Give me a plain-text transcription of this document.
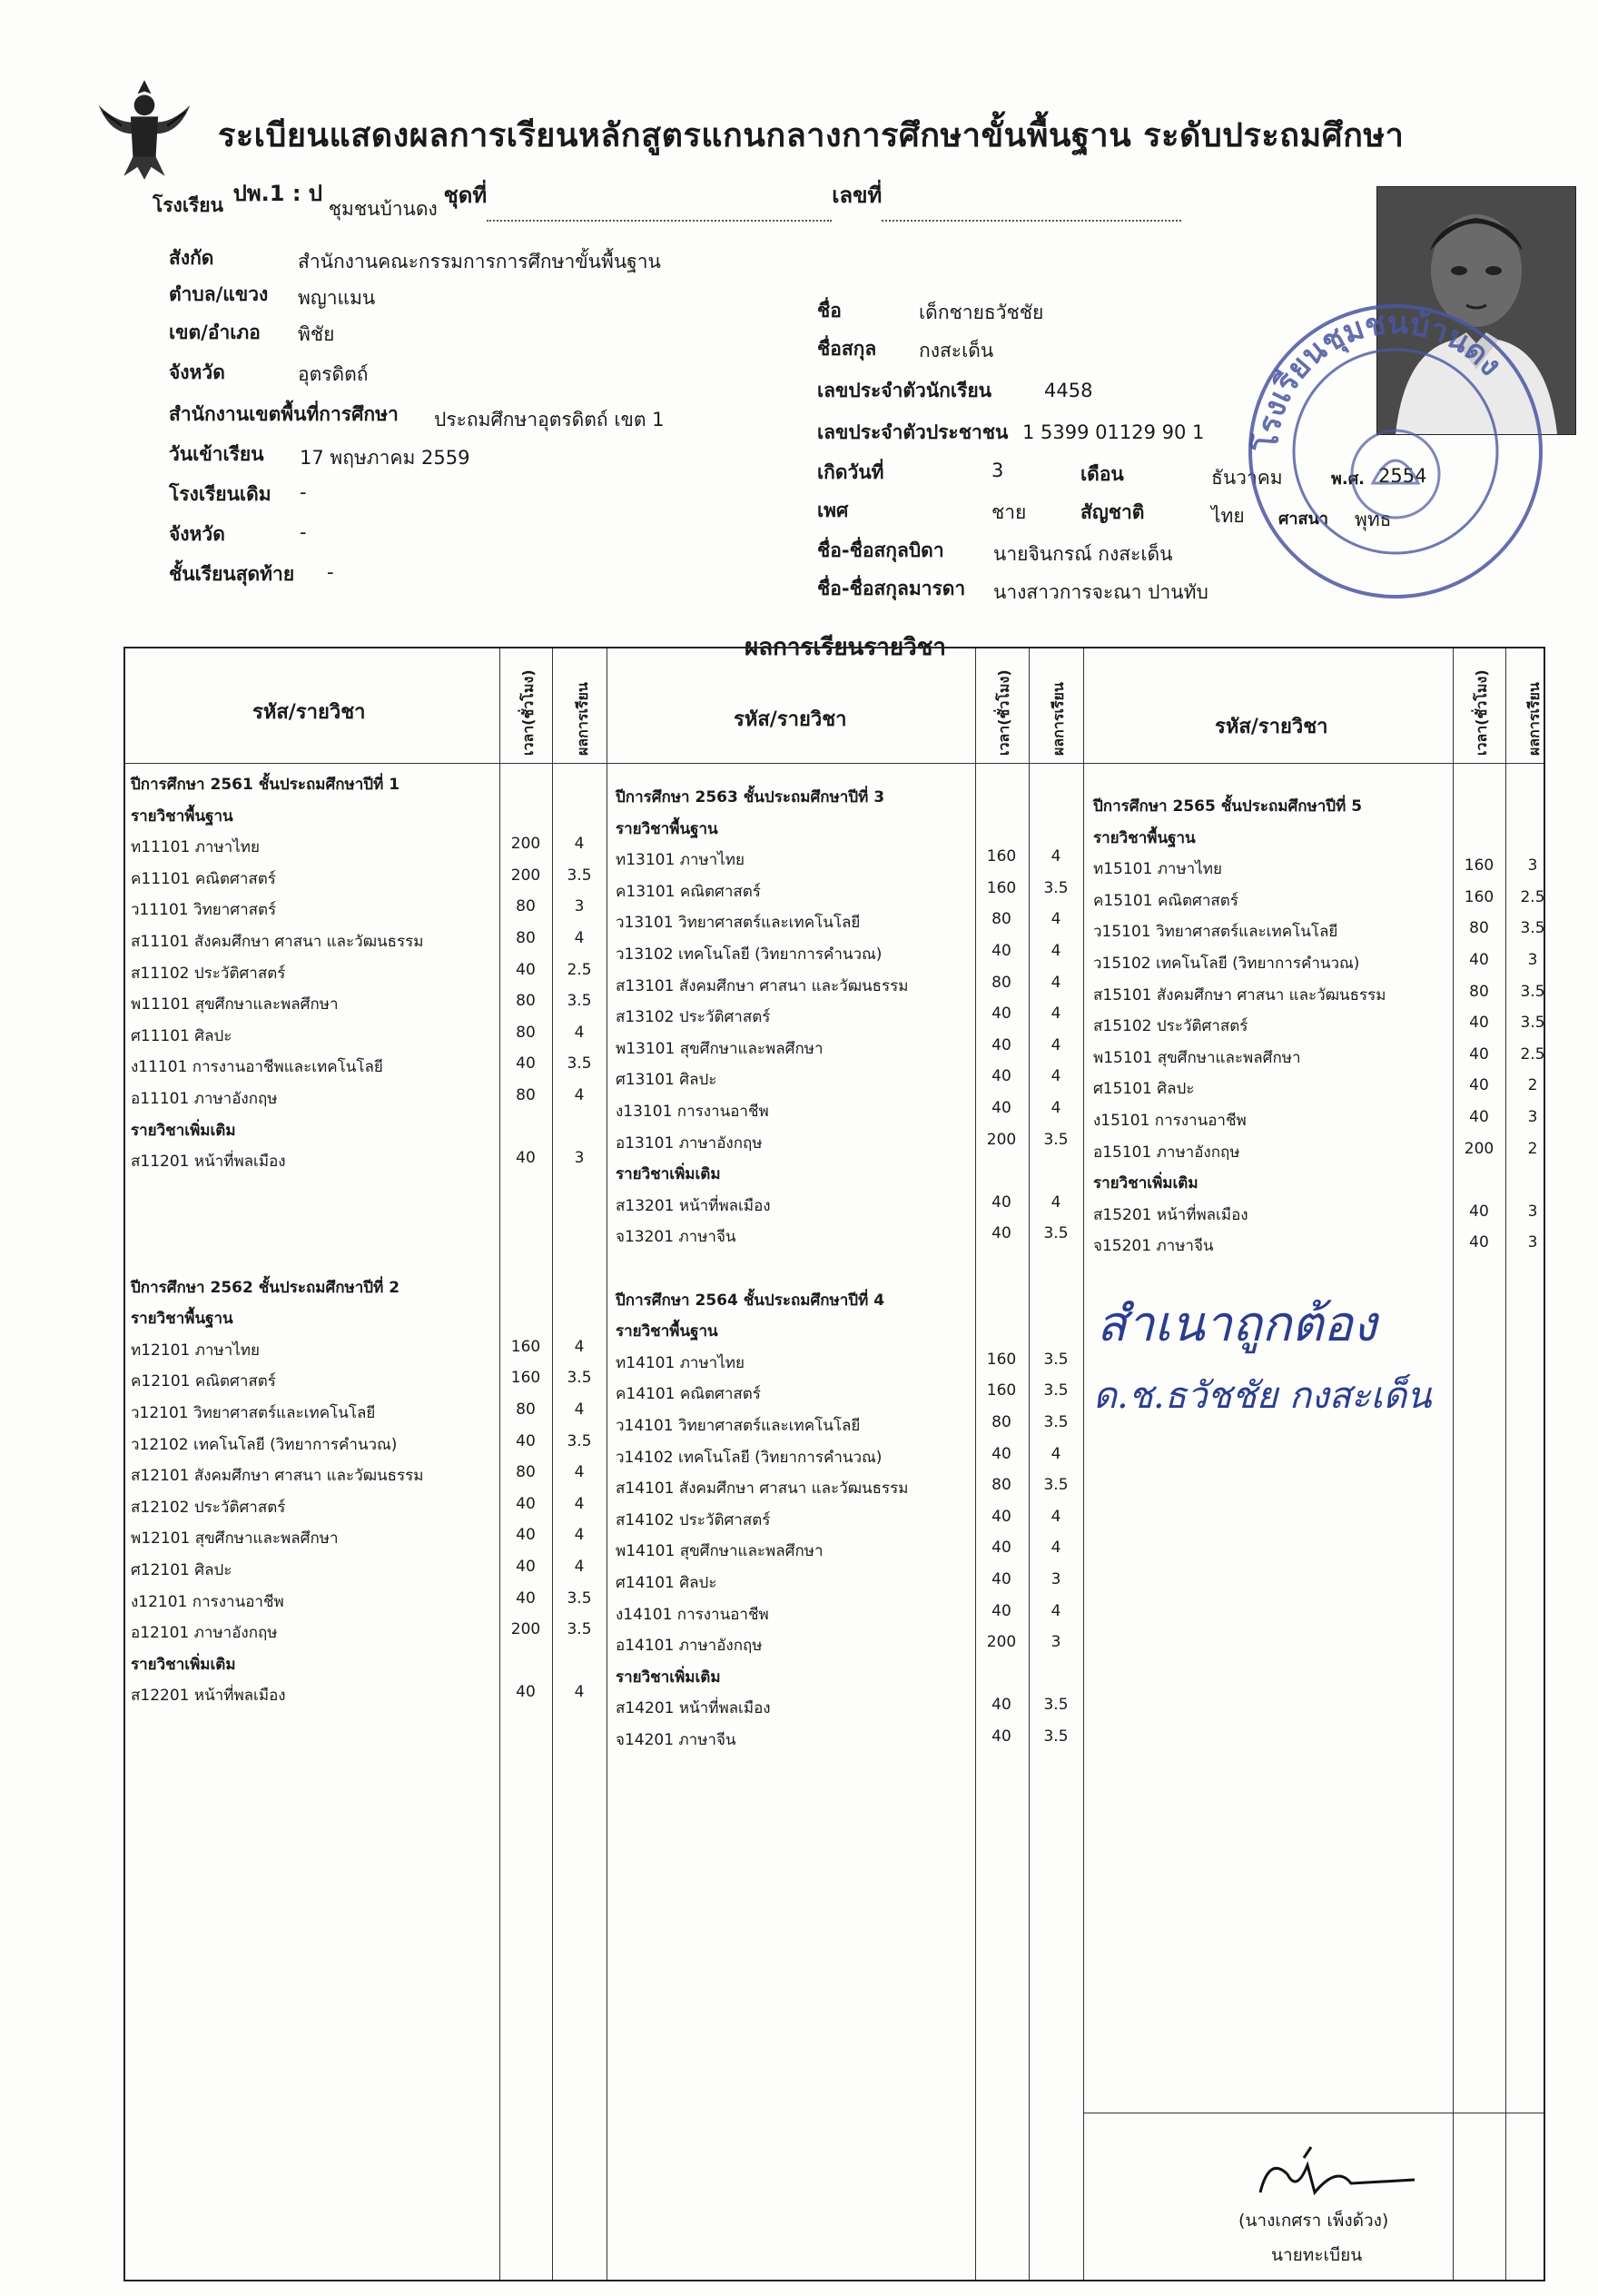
ระเบียนแสดงผลการเรียนหลักสูตรแกนกลางการศึกษาขั้นพื้นฐาน ระดับประถมศึกษา
โรงเรียน ปพ.1 : ป ชุมชนบ้านดง ชุดที่	เลขที่
สังกัด	สำนักงานคณะกรรมการการศึกษาขั้นพื้นฐาน
ตำบล/แขวง พญาแมน
เขต/อำเภอ พิชัย
จังหวัด	อุตรดิตถ์
สำนักงานเขตพื้นที่การศึกษา ประถมศึกษาอุตรดิตถ์ เขต 1
วันเข้าเรียน 17 พฤษภาคม 2559
โรงเรียนเดิม -
จังหวัด	-
ชั้นเรียนสุดท้าย -
ชื่อ	เด็กชายธวัชชัย
ชื่อสกุล กงสะเด็น
เลขประจำตัวนักเรียน	4458
เลขประจำตัวประชาชน 1 5399 01129 90 1
เกิดวันที่	3	เดือน	ธันวาคม	พ.ศ. 2554
เพศ	ชาย	สัญชาติ	ไทย ศาสนา พุทธ
ชื่อ-ชื่อสกุลบิดา	นายจินกรณ์ กงสะเด็น
ชื่อ-ชื่อสกุลมารดา นางสาวการจะณา ปานทับ
โรงเรียนชุมชนบ้านดง
ผลการเรียนรายวิชา
รหัส/รายวิชา	รหัส/รายวิชา	รหัส/รายวิชา
เวลา(ชั่วโมง)	ผลการเรียน	เวลา(ชั่วโมง)	ผลการเรียน	เวลา(ชั่วโมง) ผลการเรียน
สำเนาถูกต้อง
ด.ช.ธวัชชัย กงสะเด็น
(นางเกศรา เพ็งด้วง)
นายทะเบียน
ปีการศึกษา 2561 ชั้นประถมศึกษาปีที่ 1
รายวิชาพื้นฐาน
ท11101 ภาษาไทย	200	4
ค11101 คณิตศาสตร์	200	3.5
ว11101 วิทยาศาสตร์	80	3
ส11101 สังคมศึกษา ศาสนา และวัฒนธรรม	80	4
ส11102 ประวัติศาสตร์	40	2.5
พ11101 สุขศึกษาและพลศึกษา	80	3.5
ศ11101 ศิลปะ	80	4
ง11101 การงานอาชีพและเทคโนโลยี	40	3.5
อ11101 ภาษาอังกฤษ	80	4
รายวิชาเพิ่มเติม
ส11201 หน้าที่พลเมือง	40	3
ปีการศึกษา 2562 ชั้นประถมศึกษาปีที่ 2
รายวิชาพื้นฐาน
ท12101 ภาษาไทย	160	4
ค12101 คณิตศาสตร์	160	3.5
ว12101 วิทยาศาสตร์และเทคโนโลยี	80	4
ว12102 เทคโนโลยี (วิทยาการคำนวณ)	40	3.5
ส12101 สังคมศึกษา ศาสนา และวัฒนธรรม	80	4
ส12102 ประวัติศาสตร์	40	4
พ12101 สุขศึกษาและพลศึกษา	40	4
ศ12101 ศิลปะ	40	4
ง12101 การงานอาชีพ	40	3.5
อ12101 ภาษาอังกฤษ	200	3.5
รายวิชาเพิ่มเติม
ส12201 หน้าที่พลเมือง	40	4
ปีการศึกษา 2563 ชั้นประถมศึกษาปีที่ 3
รายวิชาพื้นฐาน
ท13101 ภาษาไทย	160	4
ค13101 คณิตศาสตร์	160	3.5
ว13101 วิทยาศาสตร์และเทคโนโลยี	80	4
ว13102 เทคโนโลยี (วิทยาการคำนวณ)	40	4
ส13101 สังคมศึกษา ศาสนา และวัฒนธรรม	80	4
ส13102 ประวัติศาสตร์	40	4
พ13101 สุขศึกษาและพลศึกษา	40	4
ศ13101 ศิลปะ	40	4
ง13101 การงานอาชีพ	40	4
อ13101 ภาษาอังกฤษ	200	3.5
รายวิชาเพิ่มเติม
ส13201 หน้าที่พลเมือง	40	4
จ13201 ภาษาจีน	40	3.5
ปีการศึกษา 2564 ชั้นประถมศึกษาปีที่ 4
รายวิชาพื้นฐาน
ท14101 ภาษาไทย	160	3.5
ค14101 คณิตศาสตร์	160	3.5
ว14101 วิทยาศาสตร์และเทคโนโลยี	80	3.5
ว14102 เทคโนโลยี (วิทยาการคำนวณ)	40	4
ส14101 สังคมศึกษา ศาสนา และวัฒนธรรม	80	3.5
ส14102 ประวัติศาสตร์	40	4
พ14101 สุขศึกษาและพลศึกษา	40	4
ศ14101 ศิลปะ	40	3
ง14101 การงานอาชีพ	40	4
อ14101 ภาษาอังกฤษ	200	3
รายวิชาเพิ่มเติม
ส14201 หน้าที่พลเมือง	40	3.5
จ14201 ภาษาจีน	40	3.5
ปีการศึกษา 2565 ชั้นประถมศึกษาปีที่ 5
รายวิชาพื้นฐาน
ท15101 ภาษาไทย	160	3
ค15101 คณิตศาสตร์	160	2.5
ว15101 วิทยาศาสตร์และเทคโนโลยี	80	3.5
ว15102 เทคโนโลยี (วิทยาการคำนวณ)	40	3
ส15101 สังคมศึกษา ศาสนา และวัฒนธรรม	80	3.5
ส15102 ประวัติศาสตร์	40	3.5
พ15101 สุขศึกษาและพลศึกษา	40	2.5
ศ15101 ศิลปะ	40	2
ง15101 การงานอาชีพ	40	3
อ15101 ภาษาอังกฤษ	200	2
รายวิชาเพิ่มเติม
ส15201 หน้าที่พลเมือง	40	3
จ15201 ภาษาจีน	40	3
